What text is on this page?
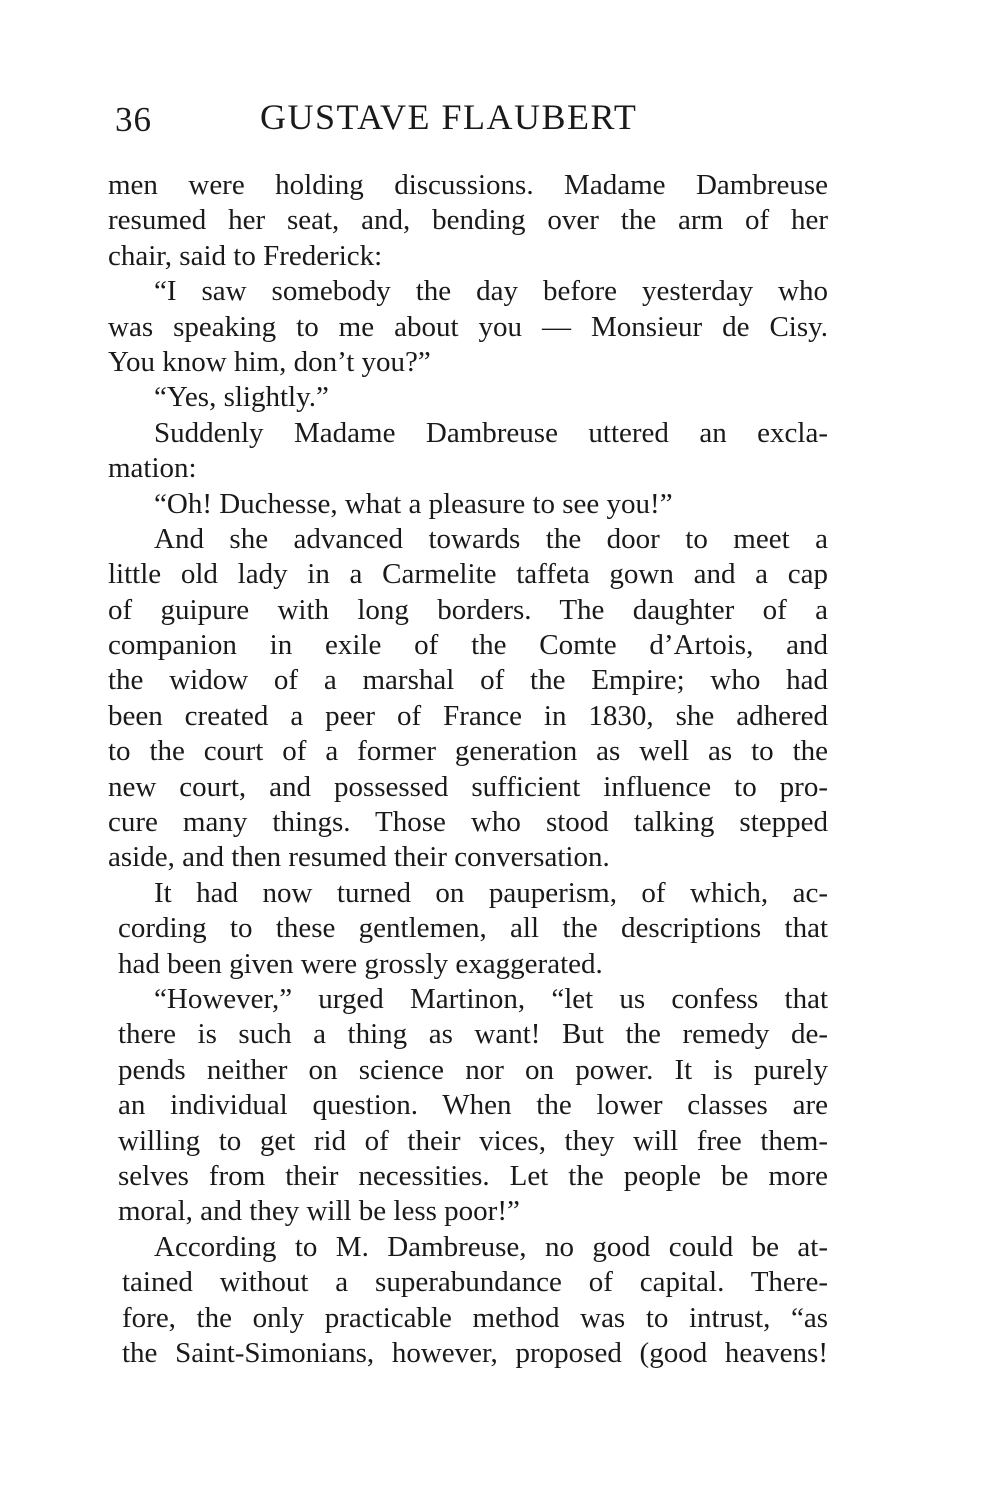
36	GUSTAVE FLAUBERT
men were holding discussions. Madame Dambreuse
resumed her seat, and, bending over the arm of her
chair, said to Frederick:
“I saw somebody the day before yesterday who
was speaking to me about you — Monsieur de Cisy.
You know him, don’t you?”
“Yes, slightly.”
Suddenly Madame Dambreuse uttered an excla-
mation:
“Oh! Duchesse, what a pleasure to see you!”
And she advanced towards the door to meet a
little old lady in a Carmelite taffeta gown and a cap
of guipure with long borders. The daughter of a
companion in exile of the Comte d’Artois, and
the widow of a marshal of the Empire; who had
been created a peer of France in 1830, she adhered
to the court of a former generation as well as to the
new court, and possessed sufficient influence to pro-
cure many things. Those who stood talking stepped
aside, and then resumed their conversation.
It had now turned on pauperism, of which, ac-
cording to these gentlemen, all the descriptions that
had been given were grossly exaggerated.
“However,” urged Martinon, “let us confess that
there is such a thing as want! But the remedy de-
pends neither on science nor on power. It is purely
an individual question. When the lower classes are
willing to get rid of their vices, they will free them-
selves from their necessities. Let the people be more
moral, and they will be less poor!”
According to M. Dambreuse, no good could be at-
tained without a superabundance of capital. There-
fore, the only practicable method was to intrust, “as
the Saint-Simonians, however, proposed (good heavens!
